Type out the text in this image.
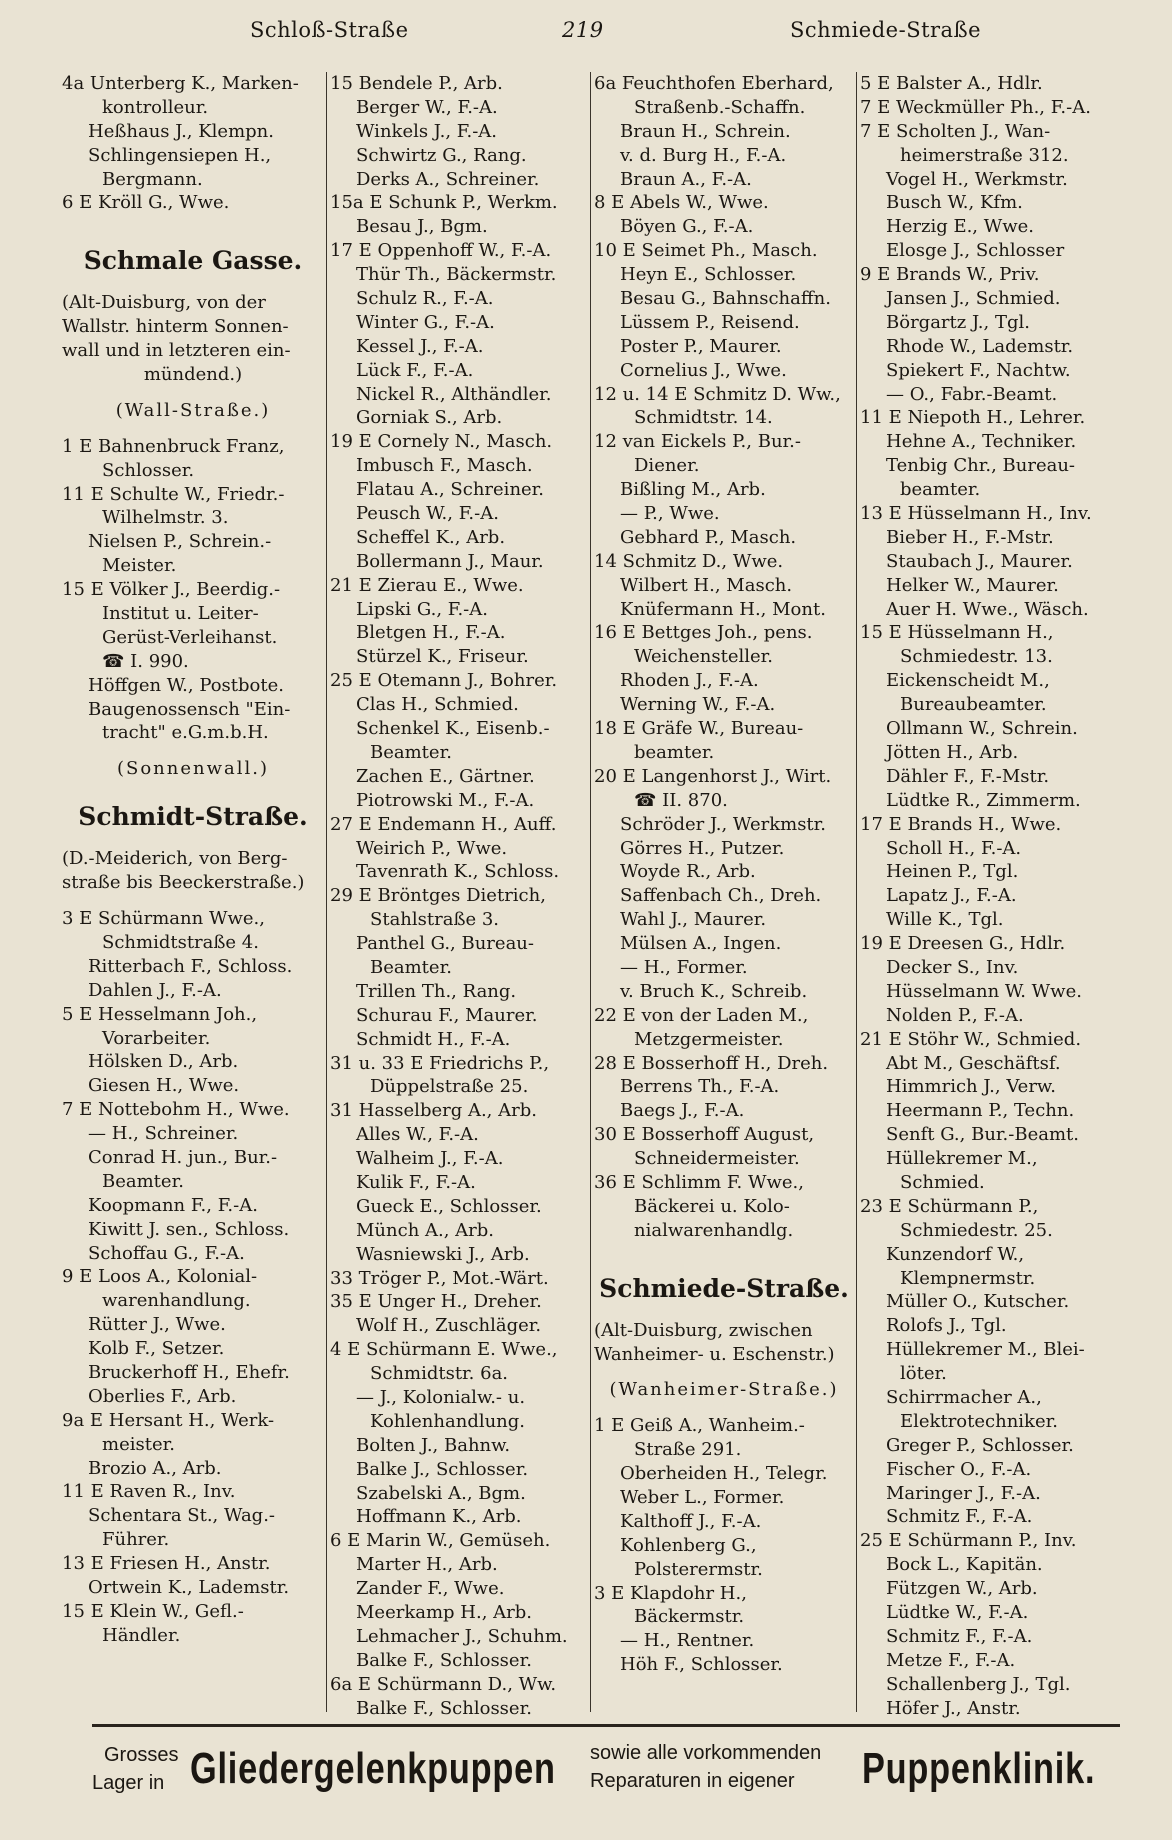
Schloß-Straße	219	Schmiede-Straße
4a Unterberg K., Marken-
kontrolleur.
Heßhaus J., Klempn.
Schlingensiepen H.,
Bergmann.
6 E Kröll G., Wwe.
Schmale Gasse.
(Alt-Duisburg, von der
Wallstr. hinterm Sonnen-
wall und in letzteren ein-
mündend.)
(Wall-Straße.)
1 E Bahnenbruck Franz,
Schlosser.
11 E Schulte W., Friedr.-
Wilhelmstr. 3.
Nielsen P., Schrein.-
Meister.
15 E Völker J., Beerdig.-
Institut u. Leiter-
Gerüst-Verleihanst.
☎ I. 990.
Höffgen W., Postbote.
Baugenossensch "Ein-
tracht" e.G.m.b.H.
(Sonnenwall.)
Schmidt-Straße.
(D.-Meiderich, von Berg-
straße bis Beeckerstraße.)
3 E Schürmann Wwe.,
Schmidtstraße 4.
Ritterbach F., Schloss.
Dahlen J., F.-A.
5 E Hesselmann Joh.,
Vorarbeiter.
Hölsken D., Arb.
Giesen H., Wwe.
7 E Nottebohm H., Wwe.
— H., Schreiner.
Conrad H. jun., Bur.-
Beamter.
Koopmann F., F.-A.
Kiwitt J. sen., Schloss.
Schoffau G., F.-A.
9 E Loos A., Kolonial-
warenhandlung.
Rütter J., Wwe.
Kolb F., Setzer.
Bruckerhoff H., Ehefr.
Oberlies F., Arb.
9a E Hersant H., Werk-
meister.
Brozio A., Arb.
11 E Raven R., Inv.
Schentara St., Wag.-
Führer.
13 E Friesen H., Anstr.
Ortwein K., Lademstr.
15 E Klein W., Gefl.-
Händler.
15 Bendele P., Arb.
Berger W., F.-A.
Winkels J., F.-A.
Schwirtz G., Rang.
Derks A., Schreiner.
15a E Schunk P., Werkm.
Besau J., Bgm.
17 E Oppenhoff W., F.-A.
Thür Th., Bäckermstr.
Schulz R., F.-A.
Winter G., F.-A.
Kessel J., F.-A.
Lück F., F.-A.
Nickel R., Althändler.
Gorniak S., Arb.
19 E Cornely N., Masch.
Imbusch F., Masch.
Flatau A., Schreiner.
Peusch W., F.-A.
Scheffel K., Arb.
Bollermann J., Maur.
21 E Zierau E., Wwe.
Lipski G., F.-A.
Bletgen H., F.-A.
Stürzel K., Friseur.
25 E Otemann J., Bohrer.
Clas H., Schmied.
Schenkel K., Eisenb.-
Beamter.
Zachen E., Gärtner.
Piotrowski M., F.-A.
27 E Endemann H., Auff.
Weirich P., Wwe.
Tavenrath K., Schloss.
29 E Bröntges Dietrich,
Stahlstraße 3.
Panthel G., Bureau-
Beamter.
Trillen Th., Rang.
Schurau F., Maurer.
Schmidt H., F.-A.
31 u. 33 E Friedrichs P.,
Düppelstraße 25.
31 Hasselberg A., Arb.
Alles W., F.-A.
Walheim J., F.-A.
Kulik F., F.-A.
Gueck E., Schlosser.
Münch A., Arb.
Wasniewski J., Arb.
33 Tröger P., Mot.-Wärt.
35 E Unger H., Dreher.
Wolf H., Zuschläger.
4 E Schürmann E. Wwe.,
Schmidtstr. 6a.
— J., Kolonialw.- u.
Kohlenhandlung.
Bolten J., Bahnw.
Balke J., Schlosser.
Szabelski A., Bgm.
Hoffmann K., Arb.
6 E Marin W., Gemüseh.
Marter H., Arb.
Zander F., Wwe.
Meerkamp H., Arb.
Lehmacher J., Schuhm.
Balke F., Schlosser.
6a E Schürmann D., Ww.
Balke F., Schlosser.
6a Feuchthofen Eberhard,
Straßenb.-Schaffn.
Braun H., Schrein.
v. d. Burg H., F.-A.
Braun A., F.-A.
8 E Abels W., Wwe.
Böyen G., F.-A.
10 E Seimet Ph., Masch.
Heyn E., Schlosser.
Besau G., Bahnschaffn.
Lüssem P., Reisend.
Poster P., Maurer.
Cornelius J., Wwe.
12 u. 14 E Schmitz D. Ww.,
Schmidtstr. 14.
12 van Eickels P., Bur.-
Diener.
Bißling M., Arb.
— P., Wwe.
Gebhard P., Masch.
14 Schmitz D., Wwe.
Wilbert H., Masch.
Knüfermann H., Mont.
16 E Bettges Joh., pens.
Weichensteller.
Rhoden J., F.-A.
Werning W., F.-A.
18 E Gräfe W., Bureau-
beamter.
20 E Langenhorst J., Wirt.
☎ II. 870.
Schröder J., Werkmstr.
Görres H., Putzer.
Woyde R., Arb.
Saffenbach Ch., Dreh.
Wahl J., Maurer.
Mülsen A., Ingen.
— H., Former.
v. Bruch K., Schreib.
22 E von der Laden M.,
Metzgermeister.
28 E Bosserhoff H., Dreh.
Berrens Th., F.-A.
Baegs J., F.-A.
30 E Bosserhoff August,
Schneidermeister.
36 E Schlimm F. Wwe.,
Bäckerei u. Kolo-
nialwarenhandlg.
Schmiede-Straße.
(Alt-Duisburg, zwischen
Wanheimer- u. Eschenstr.)
(Wanheimer-Straße.)
1 E Geiß A., Wanheim.-
Straße 291.
Oberheiden H., Telegr.
Weber L., Former.
Kalthoff J., F.-A.
Kohlenberg G.,
Polsterermstr.
3 E Klapdohr H.,
Bäckermstr.
— H., Rentner.
Höh F., Schlosser.
5 E Balster A., Hdlr.
7 E Weckmüller Ph., F.-A.
7 E Scholten J., Wan-
heimerstraße 312.
Vogel H., Werkmstr.
Busch W., Kfm.
Herzig E., Wwe.
Elosge J., Schlosser
9 E Brands W., Priv.
Jansen J., Schmied.
Börgartz J., Tgl.
Rhode W., Lademstr.
Spiekert F., Nachtw.
— O., Fabr.-Beamt.
11 E Niepoth H., Lehrer.
Hehne A., Techniker.
Tenbig Chr., Bureau-
beamter.
13 E Hüsselmann H., Inv.
Bieber H., F.-Mstr.
Staubach J., Maurer.
Helker W., Maurer.
Auer H. Wwe., Wäsch.
15 E Hüsselmann H.,
Schmiedestr. 13.
Eickenscheidt M.,
Bureaubeamter.
Ollmann W., Schrein.
Jötten H., Arb.
Dähler F., F.-Mstr.
Lüdtke R., Zimmerm.
17 E Brands H., Wwe.
Scholl H., F.-A.
Heinen P., Tgl.
Lapatz J., F.-A.
Wille K., Tgl.
19 E Dreesen G., Hdlr.
Decker S., Inv.
Hüsselmann W. Wwe.
Nolden P., F.-A.
21 E Stöhr W., Schmied.
Abt M., Geschäftsf.
Himmrich J., Verw.
Heermann P., Techn.
Senft G., Bur.-Beamt.
Hüllekremer M.,
Schmied.
23 E Schürmann P.,
Schmiedestr. 25.
Kunzendorf W.,
Klempnermstr.
Müller O., Kutscher.
Rolofs J., Tgl.
Hüllekremer M., Blei-
löter.
Schirrmacher A.,
Elektrotechniker.
Greger P., Schlosser.
Fischer O., F.-A.
Maringer J., F.-A.
Schmitz F., F.-A.
25 E Schürmann P., Inv.
Bock L., Kapitän.
Fützgen W., Arb.
Lüdtke W., F.-A.
Schmitz F., F.-A.
Metze F., F.-A.
Schallenberg J., Tgl.
Höfer J., Anstr.
Grosses
Lager in Gliedergelenkpuppen sowie alle vorkommenden
Reparaturen in eigener Puppenklinik.
